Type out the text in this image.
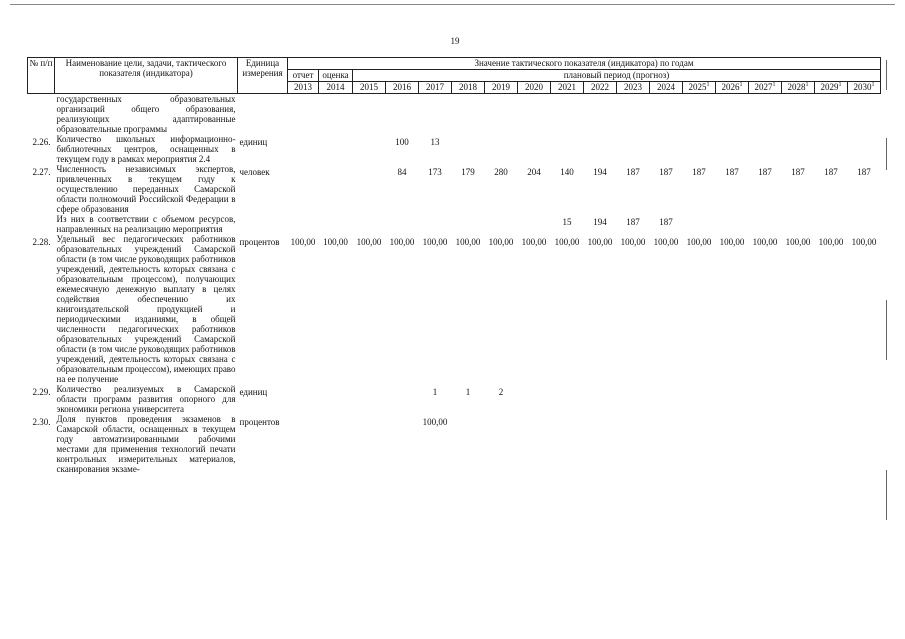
19
№ п/п	Наименование цели, задачи, тактического показателя (индикатора)	Единица измерения	Значение тактического показателя (индикатора) по годам																	
			отчет	оценка	плановый период (прогноз)															
			2013	2014	2015	2016	2017	2018	2019	2020	2021	2022	2023	2024	2025$^1$	2026$^1$	2027$^1$	2028$^1$	2029$^1$	2030$^1$
	государственных образовательных организаций общего образования, реализующих адаптированные образовательные программы																			
2.26.	Количество школьных информационно-библиотечных центров, оснащенных в текущем году в рамках мероприятия 2.4	единиц				100	13													
2.27.	Численность независимых экспертов, привлеченных в текущем году к осуществлению переданных Самарской области полномочий Российской Федерации в сфере образования	человек				84	173	179	280	204	140	194	187	187	187	187	187	187	187	187
	Из них в соответствии с объемом ресурсов, направленных на реализацию мероприятия										15	194	187	187						
2.28.	Удельный вес педагогических работников образовательных учреждений Самарской области (в том числе руководящих работников учреждений, деятельность которых связана с образовательным процессом), получающих ежемесячную денежную выплату в целях содействия обеспечению их книгоиздательской продукцией и периодическими изданиями, в общей численности педагогических работников образовательных учреждений Самарской области (в том числе руководящих работников учреждений, деятельность которых связана с образовательным процессом), имеющих право на ее получение	процентов	100,00	100,00	100,00	100,00	100,00	100,00	100,00	100,00	100,00	100,00	100,00	100,00	100,00	100,00	100,00	100,00	100,00	100,00
2.29.	Количество реализуемых в Самарской области программ развития опорного для экономики региона университета	единиц					1	1	2											
2.30.	Доля пунктов проведения экзаменов в Самарской области, оснащенных в текущем году автоматизированными рабочими местами для применения технологий печати контрольных измерительных материалов, сканирования экзаме-	процентов					100,00													
